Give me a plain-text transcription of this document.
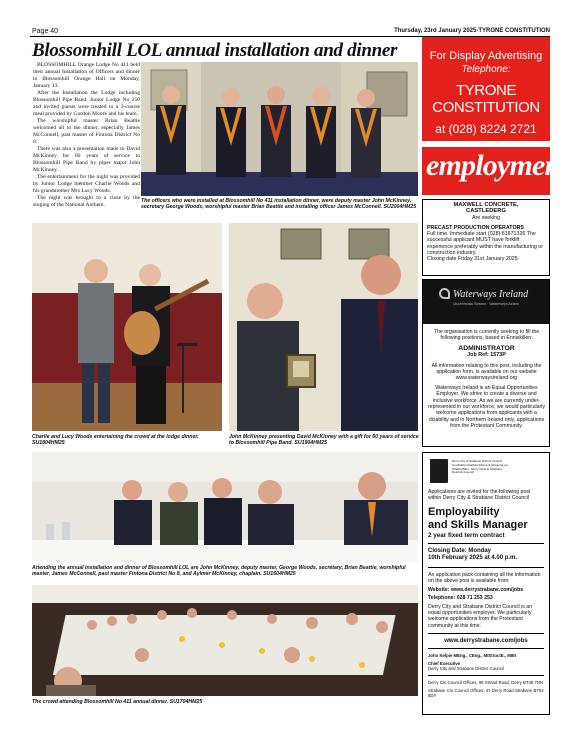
Page 40	Thursday, 23rd January 2025-TYRONE CONSTITUTION
Blossomhill LOL annual installation and dinner

BLOSSOMHILL Orange Lodge No 411 held their annual Installation of Officers and dinner in Blossomhill Orange Hall on Monday, January 13.

After the Installation the Lodge including Blossomhill Pipe Band, Junior Lodge No 250 and invited guests were treated to a 3-course meal provided by Gordon Moore and his team.

The worshipful master Brian Beattie welcomed all to the dinner, especially James McConnell, past master of Fintona District No 8.

There was also a presentation made to David McKinney for 60 years of service to Blossomhill Pipe Band by piper major John McKinney.

The entertainment for the night was provided by Junior Lodge member Charlie Woods and his grandmother Mrs Lucy Woods.

The night was brought to a close by the singing of the National Anthem.

The officers who were installed at Blossomhill No 411 installation dinner, were deputy master John McKinney, secretary George Woods, worshipful master Brian Beattie and installing officer James McConnell. SU2004HM25
Charlie and Lucy Woods entertaining the crowd at the lodge dinner. SU1804HM25
John McKinney presenting David McKinney with a gift for 60 years of service to Blossomhill Pipe Band. SU1904HM25
Attending the annual installation and dinner of Blossomhill LOL are John McKinney, deputy master, George Woods, secretary, Brian Beattie, worshipful master, James McConnell, past master Fintona District No 8, and Aylmer McKinney, chaplain. SU1604HM25
The crowd attending Blossomhill No 411 annual dinner. SU1704HM25
For Display Advertising
Telephone:
TYRONE CONSTITUTION
at (028) 8224 2721
employment
MAXWELL CONCRETE,
CASTLEDERG
Are seeking
PRECAST PRODUCTION OPERATORS
Full time. Immediate start (028) 81671326 The successful applicant MUST have forklift experience preferably within the manufacturing or construction industry.
Closing date Friday 31st January 2025
Waterways Ireland
Uiscebhealaí Éireann · Watterweys Airlann

The organisation is currently seeking to fill the following positions, based in Enniskillen:

ADMINISTRATOR
Job Ref: 1573P

All information relating to this post, including the application form, is available on our website www.waterwaysireland.org

Waterways Ireland is an Equal Opportunities Employer. We strive to create a diverse and inclusive workforce. As we are currently under-represented in our workforce, we would particularly welcome applications from applicants with a disability and in Northern Ireland only, applications from the Protestant Community.

Derry City & Strabane District Council · Comhairle Chathair Dhoire & Cheantar an tSratha Báin · Derry Cittie & Strabane Destrick Cooncil
Applications are invited for the following post within Derry City & Strabane District Council
Employability
and Skills Manager
2 year fixed term contract
Closing Date: Monday
10th February 2025 at 4.00 p.m.

An application pack containing all the information on the above post is available from:

Website: www.derrystrabane.com/jobs

Telephone: 028 71 253 253

Derry City and Strabane District Council is an equal opportunities employer. We particularly welcome applications from the Protestant community at this time.

www.derrystrabane.com/jobs
John Kelpie MEng., CEng., MIStructE., MIEI
Chief Executive
Derry City and Strabane District Council
Derry C/o Council Offices, 98 Strand Road, Derry BT48 7NN
Strabane C/o Council Offices, 47 Derry Road Strabane BT82 8DY
